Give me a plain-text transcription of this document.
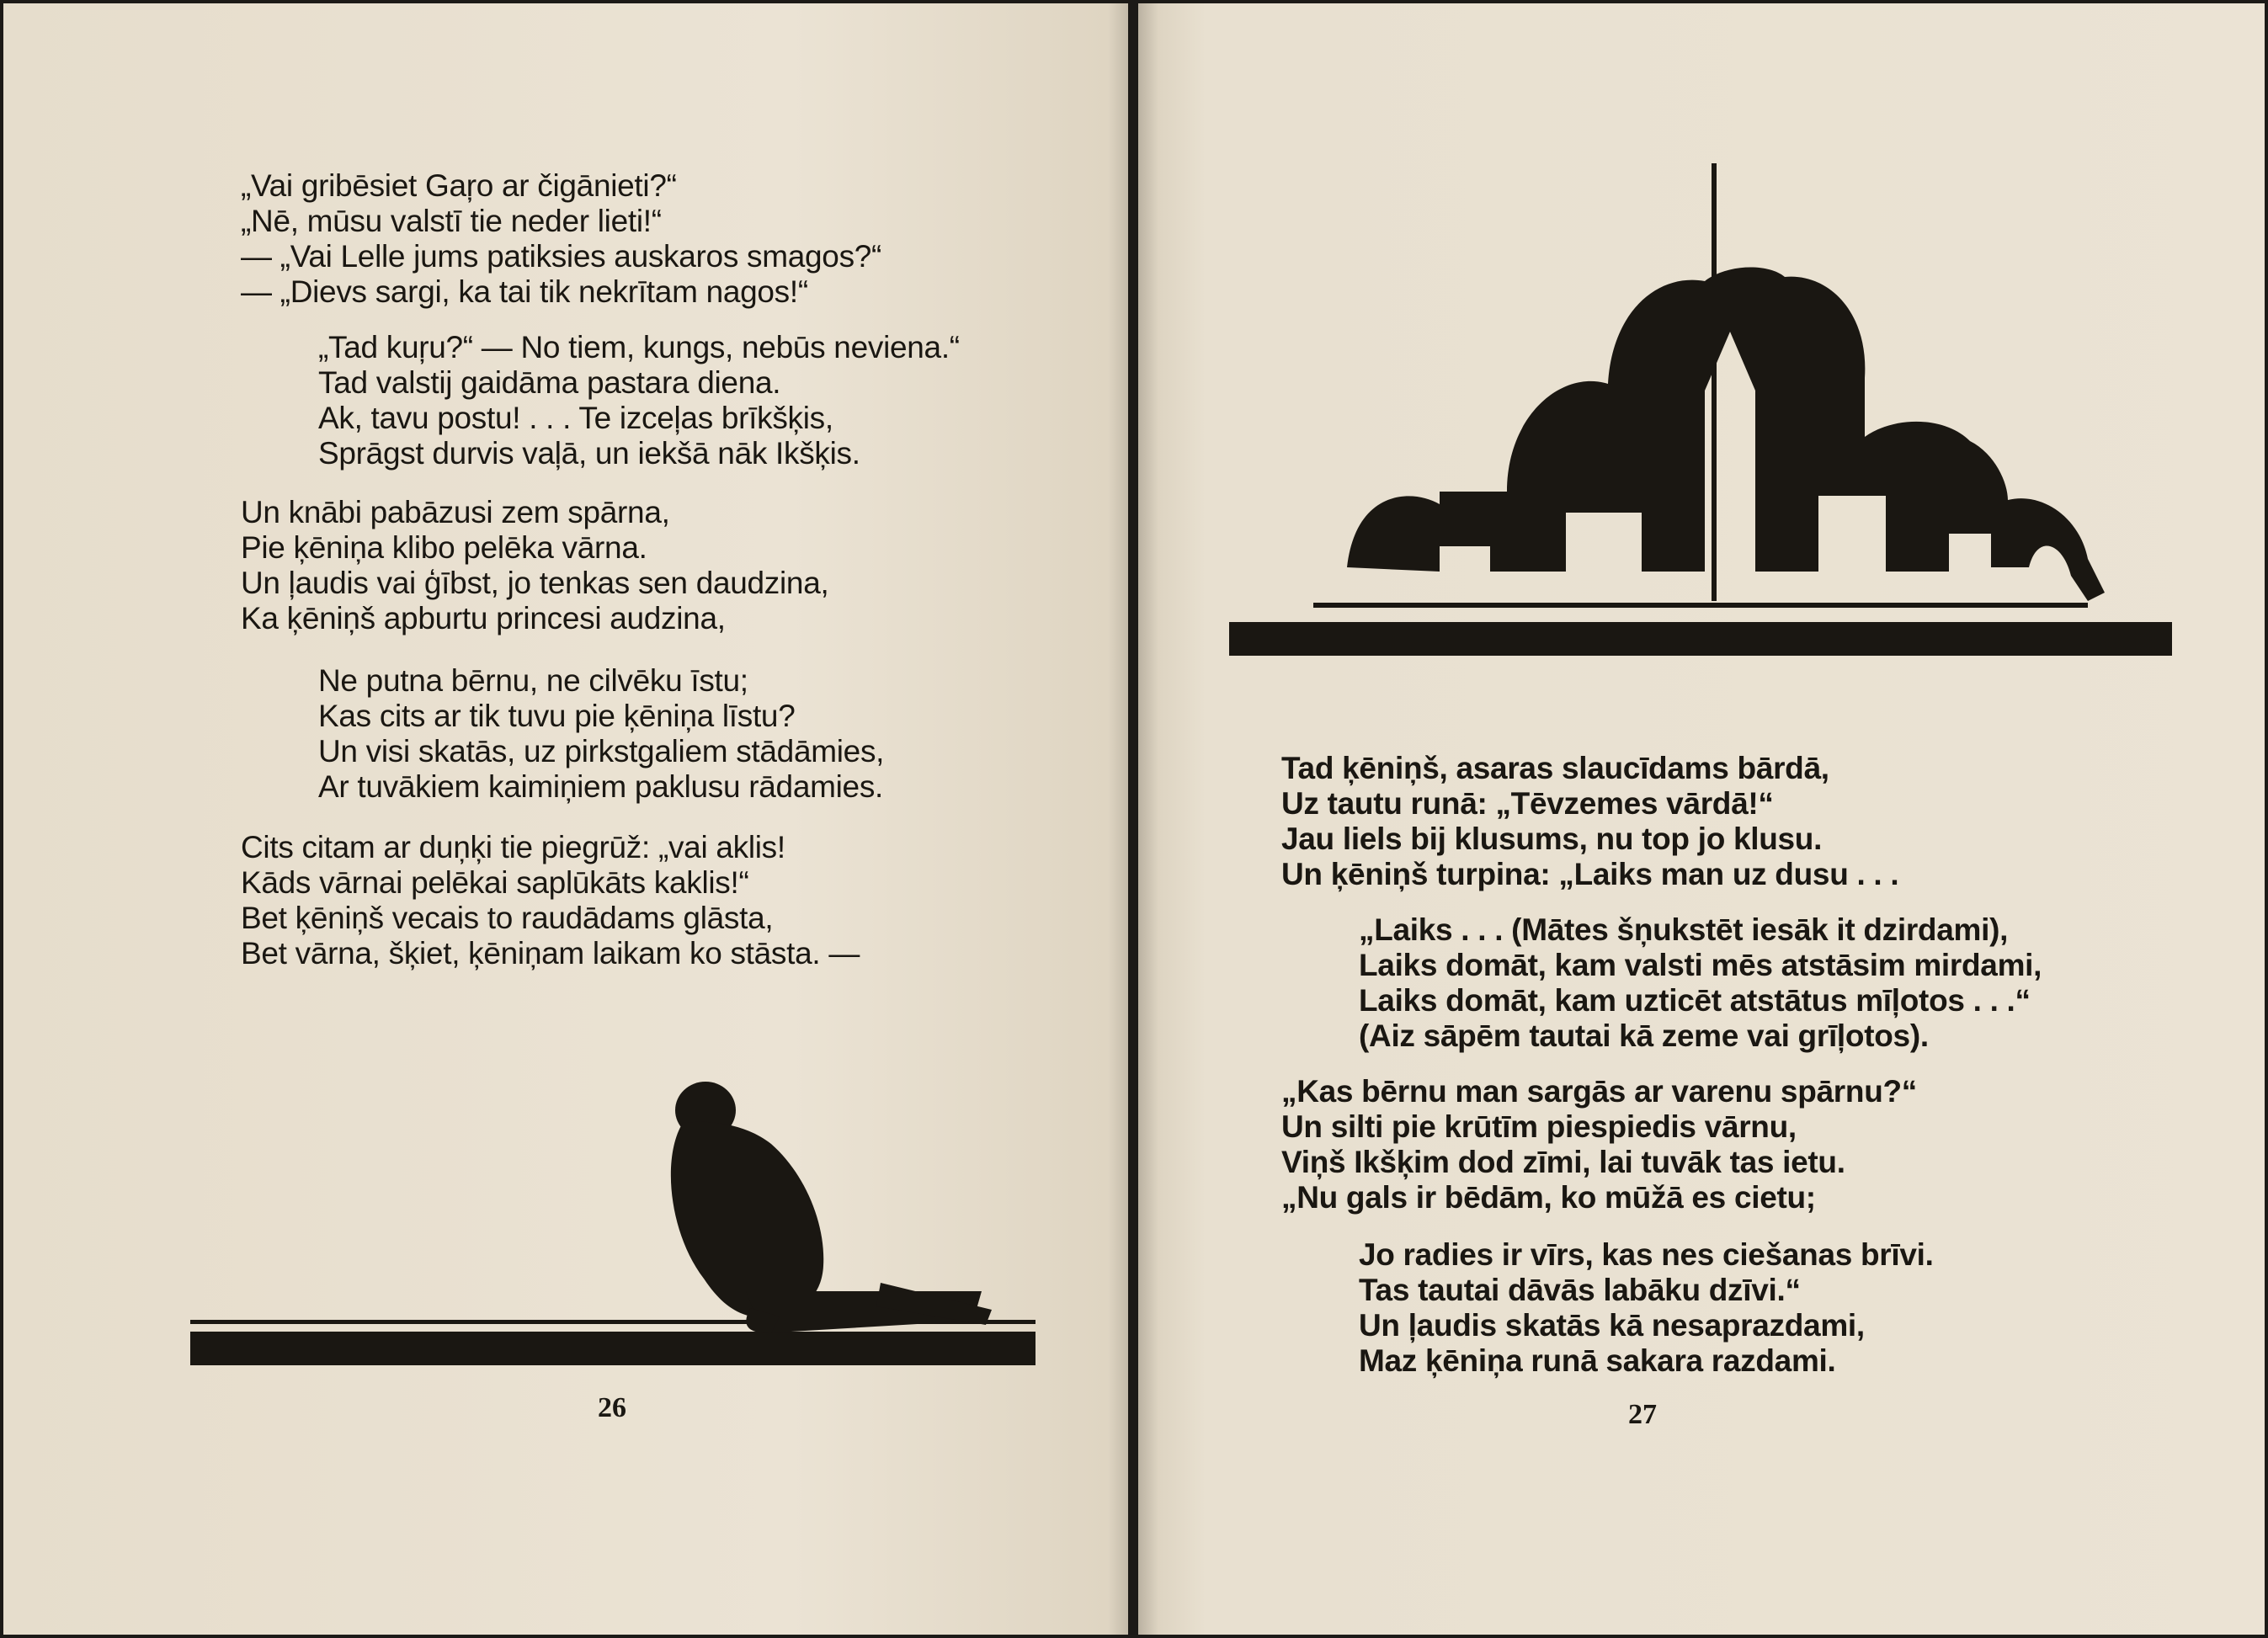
„Vai gribēsiet Gaŗo ar čigānieti?“
„Nē, mūsu valstī tie neder lieti!“
— „Vai Lelle jums patiksies auskaros smagos?“
— „Dievs sargi, ka tai tik nekrītam nagos!“
„Tad kuŗu?“ — No tiem, kungs, nebūs neviena.“
Tad valstij gaidāma pastara diena.
Ak, tavu postu! . . . Te izceļas brīkšķis,
Sprāgst durvis vaļā, un iekšā nāk Ikšķis.
Un knābi pabāzusi zem spārna,
Pie ķēniņa klibo pelēka vārna.
Un ļaudis vai ģībst, jo tenkas sen daudzina,
Ka ķēniņš apburtu princesi audzina,
Ne putna bērnu, ne cilvēku īstu;
Kas cits ar tik tuvu pie ķēniņa līstu?
Un visi skatās, uz pirkstgaliem stādāmies,
Ar tuvākiem kaimiņiem paklusu rādamies.
Cits citam ar duņķi tie piegrūž: „vai aklis!
Kāds vārnai pelēkai saplūkāts kaklis!“
Bet ķēniņš vecais to raudādams glāsta,
Bet vārna, šķiet, ķēniņam laikam ko stāsta. —
26
Tad ķēniņš, asaras slaucīdams bārdā,
Uz tautu runā: „Tēvzemes vārdā!“
Jau liels bij klusums, nu top jo klusu.
Un ķēniņš turpina: „Laiks man uz dusu . . .
„Laiks . . . (Mātes šņukstēt iesāk it dzirdami),
Laiks domāt, kam valsti mēs atstāsim mirdami,
Laiks domāt, kam uzticēt atstātus mīļotos . . .“
(Aiz sāpēm tautai kā zeme vai grīļotos).
„Kas bērnu man sargās ar varenu spārnu?“
Un silti pie krūtīm piespiedis vārnu,
Viņš Ikšķim dod zīmi, lai tuvāk tas ietu.
„Nu gals ir bēdām, ko mūžā es cietu;
Jo radies ir vīrs, kas nes ciešanas brīvi.
Tas tautai dāvās labāku dzīvi.“
Un ļaudis skatās kā nesaprazdami,
Maz ķēniņa runā sakara razdami.
27
